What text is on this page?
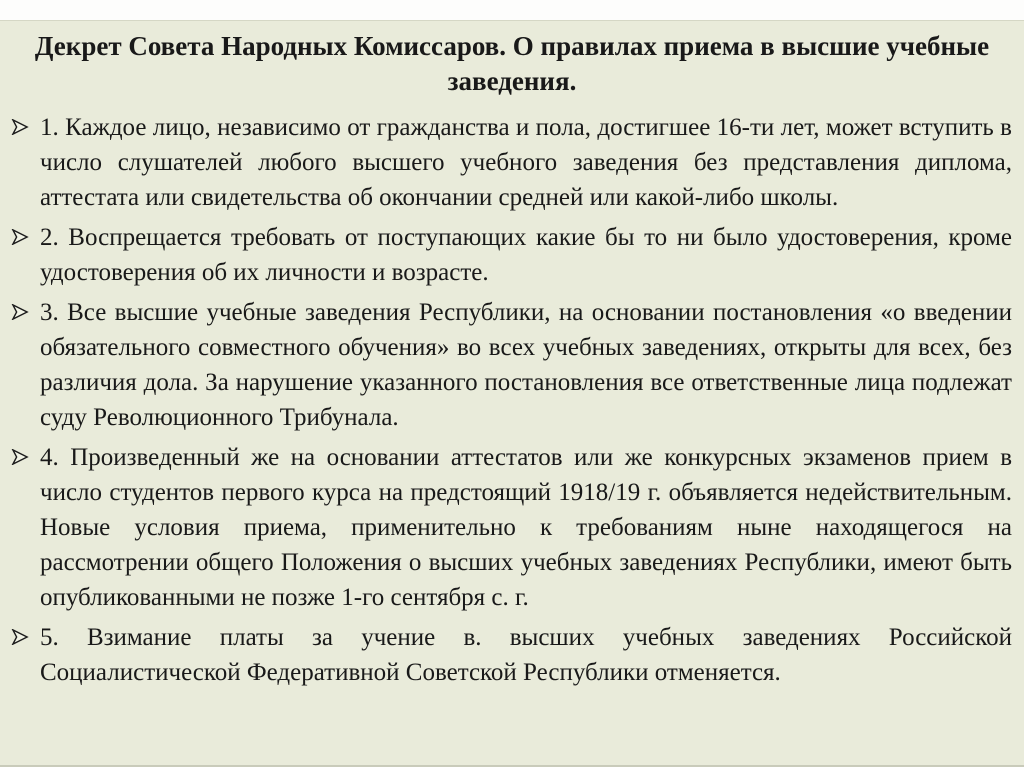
Декрет Совета Народных Комиссаров. О правилах приема в высшие учебные заведения.
1. Каждое лицо, независимо от гражданства и пола, достигшее 16-ти лет, может вступить в число слушателей любого высшего учебного заведения без представления диплома, аттестата или свидетельства об окончании средней или какой-либо школы.
2. Воспрещается требовать от поступающих какие бы то ни было удостоверения, кроме удостоверения об их личности и возрасте.
3. Все высшие учебные заведения Республики, на основании постановления «о введении обязательного совместного обучения» во всех учебных заведениях, открыты для всех, без различия дола. За нарушение указанного постановления все ответственные лица подлежат суду Революционного Трибунала.
4. Произведенный же на основании аттестатов или же конкурсных экзаменов прием в число студентов первого курса на предстоящий 1918/19 г. объявляется недействительным. Новые условия приема, применительно к требованиям ныне находящегося на рассмотрении общего Положения о высших учебных заведениях Республики, имеют быть опубликованными не позже 1-го сентября с. г.
5. Взимание платы за учение в. высших учебных заведениях Российской Социалистической Федеративной Советской Республики отменяется.
